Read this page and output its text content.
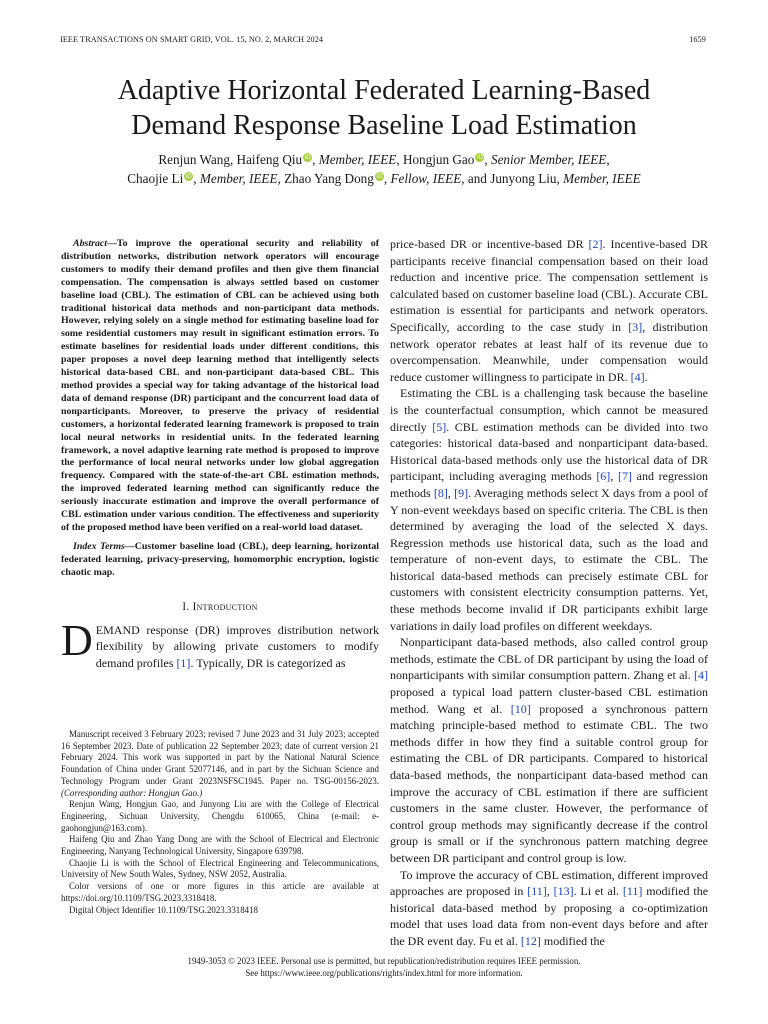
IEEE TRANSACTIONS ON SMART GRID, VOL. 15, NO. 2, MARCH 2024	1659
Adaptive Horizontal Federated Learning-Based
Demand Response Baseline Load Estimation
Renjun Wang, Haifeng Qiu iD, Member, IEEE, Hongjun Gao iD, Senior Member, IEEE,
Chaojie Li iD, Member, IEEE, Zhao Yang Dong iD, Fellow, IEEE, and Junyong Liu, Member, IEEE

Abstract—To improve the operational security and reliability of distribution networks, distribution network operators will encourage customers to modify their demand profiles and then give them financial compensation. The compensation is always settled based on customer baseline load (CBL). The estimation of CBL can be achieved using both traditional historical data methods and non-participant data methods. However, relying solely on a single method for estimating baseline load for some residential customers may result in significant estimation errors. To estimate baselines for residential loads under different conditions, this paper proposes a novel deep learning method that intelligently selects historical data-based CBL and non-participant data-based CBL. This method provides a special way for taking advantage of the historical load data of demand response (DR) participant and the concurrent load data of nonparticipants. Moreover, to preserve the privacy of residential customers, a horizontal federated learning framework is proposed to train local neural networks in residential units. In the federated learning framework, a novel adaptive learning rate method is proposed to improve the performance of local neural networks under low global aggregation frequency. Compared with the state-of-the-art CBL estimation methods, the improved federated learning method can significantly reduce the seriously inaccurate estimation and improve the overall performance of CBL estimation under various condition. The effectiveness and superiority of the proposed method have been verified on a real-world load dataset.

Index Terms—Customer baseline load (CBL), deep learning, horizontal federated learning, privacy-preserving, homomorphic encryption, logistic chaotic map.

I. Introduction

DEMAND response (DR) improves distribution network flexibility by allowing private customers to modify demand profiles [1]. Typically, DR is categorized as

Manuscript received 3 February 2023; revised 7 June 2023 and 31 July 2023; accepted 16 September 2023. Date of publication 22 September 2023; date of current version 21 February 2024. This work was supported in part by the National Natural Science Foundation of China under Grant 52077146, and in part by the Sichuan Science and Technology Program under Grant 2023NSFSC1945. Paper no. TSG-00156-2023. (Corresponding author: Hongjun Gao.)

Renjun Wang, Hongjun Gao, and Junyong Liu are with the College of Electrical Engineering, Sichuan University, Chengdu 610065, China (e-mail: e-gaohongjun@163.com).

Haifeng Qiu and Zhao Yang Dong are with the School of Electrical and Electronic Engineering, Nanyang Technological University, Singapore 639798.

Chaojie Li is with the School of Electrical Engineering and Telecommunications, University of New South Wales, Sydney, NSW 2052, Australia.

Color versions of one or more figures in this article are available at https://doi.org/10.1109/TSG.2023.3318418.

Digital Object Identifier 10.1109/TSG.2023.3318418

price-based DR or incentive-based DR [2]. Incentive-based DR participants receive financial compensation based on their load reduction and incentive price. The compensation settlement is calculated based on customer baseline load (CBL). Accurate CBL estimation is essential for participants and network operators. Specifically, according to the case study in [3], distribution network operator rebates at least half of its revenue due to overcompensation. Meanwhile, under compensation would reduce customer willingness to participate in DR. [4].

Estimating the CBL is a challenging task because the baseline is the counterfactual consumption, which cannot be measured directly [5]. CBL estimation methods can be divided into two categories: historical data-based and nonparticipant data-based. Historical data-based methods only use the historical data of DR participant, including averaging methods [6], [7] and regression methods [8], [9]. Averaging methods select X days from a pool of Y non-event weekdays based on specific criteria. The CBL is then determined by averaging the load of the selected X days. Regression methods use historical data, such as the load and temperature of non-event days, to estimate the CBL. The historical data-based methods can precisely estimate CBL for customers with consistent electricity consumption patterns. Yet, these methods become invalid if DR participants exhibit large variations in daily load profiles on different weekdays.

Nonparticipant data-based methods, also called control group methods, estimate the CBL of DR participant by using the load of nonparticipants with similar consumption pattern. Zhang et al. [4] proposed a typical load pattern cluster-based CBL estimation method. Wang et al. [10] proposed a synchronous pattern matching principle-based method to estimate CBL. The two methods differ in how they find a suitable control group for estimating the CBL of DR participants. Compared to historical data-based methods, the nonparticipant data-based method can improve the accuracy of CBL estimation if there are sufficient customers in the same cluster. However, the performance of control group methods may significantly decrease if the control group is small or if the synchronous pattern matching degree between DR participant and control group is low.

To improve the accuracy of CBL estimation, different improved approaches are proposed in [11], [13]. Li et al. [11] modified the historical data-based method by proposing a co-optimization model that uses load data from non-event days before and after the DR event day. Fu et al. [12] modified the

1949-3053 © 2023 IEEE. Personal use is permitted, but republication/redistribution requires IEEE permission.
See https://www.ieee.org/publications/rights/index.html for more information.
